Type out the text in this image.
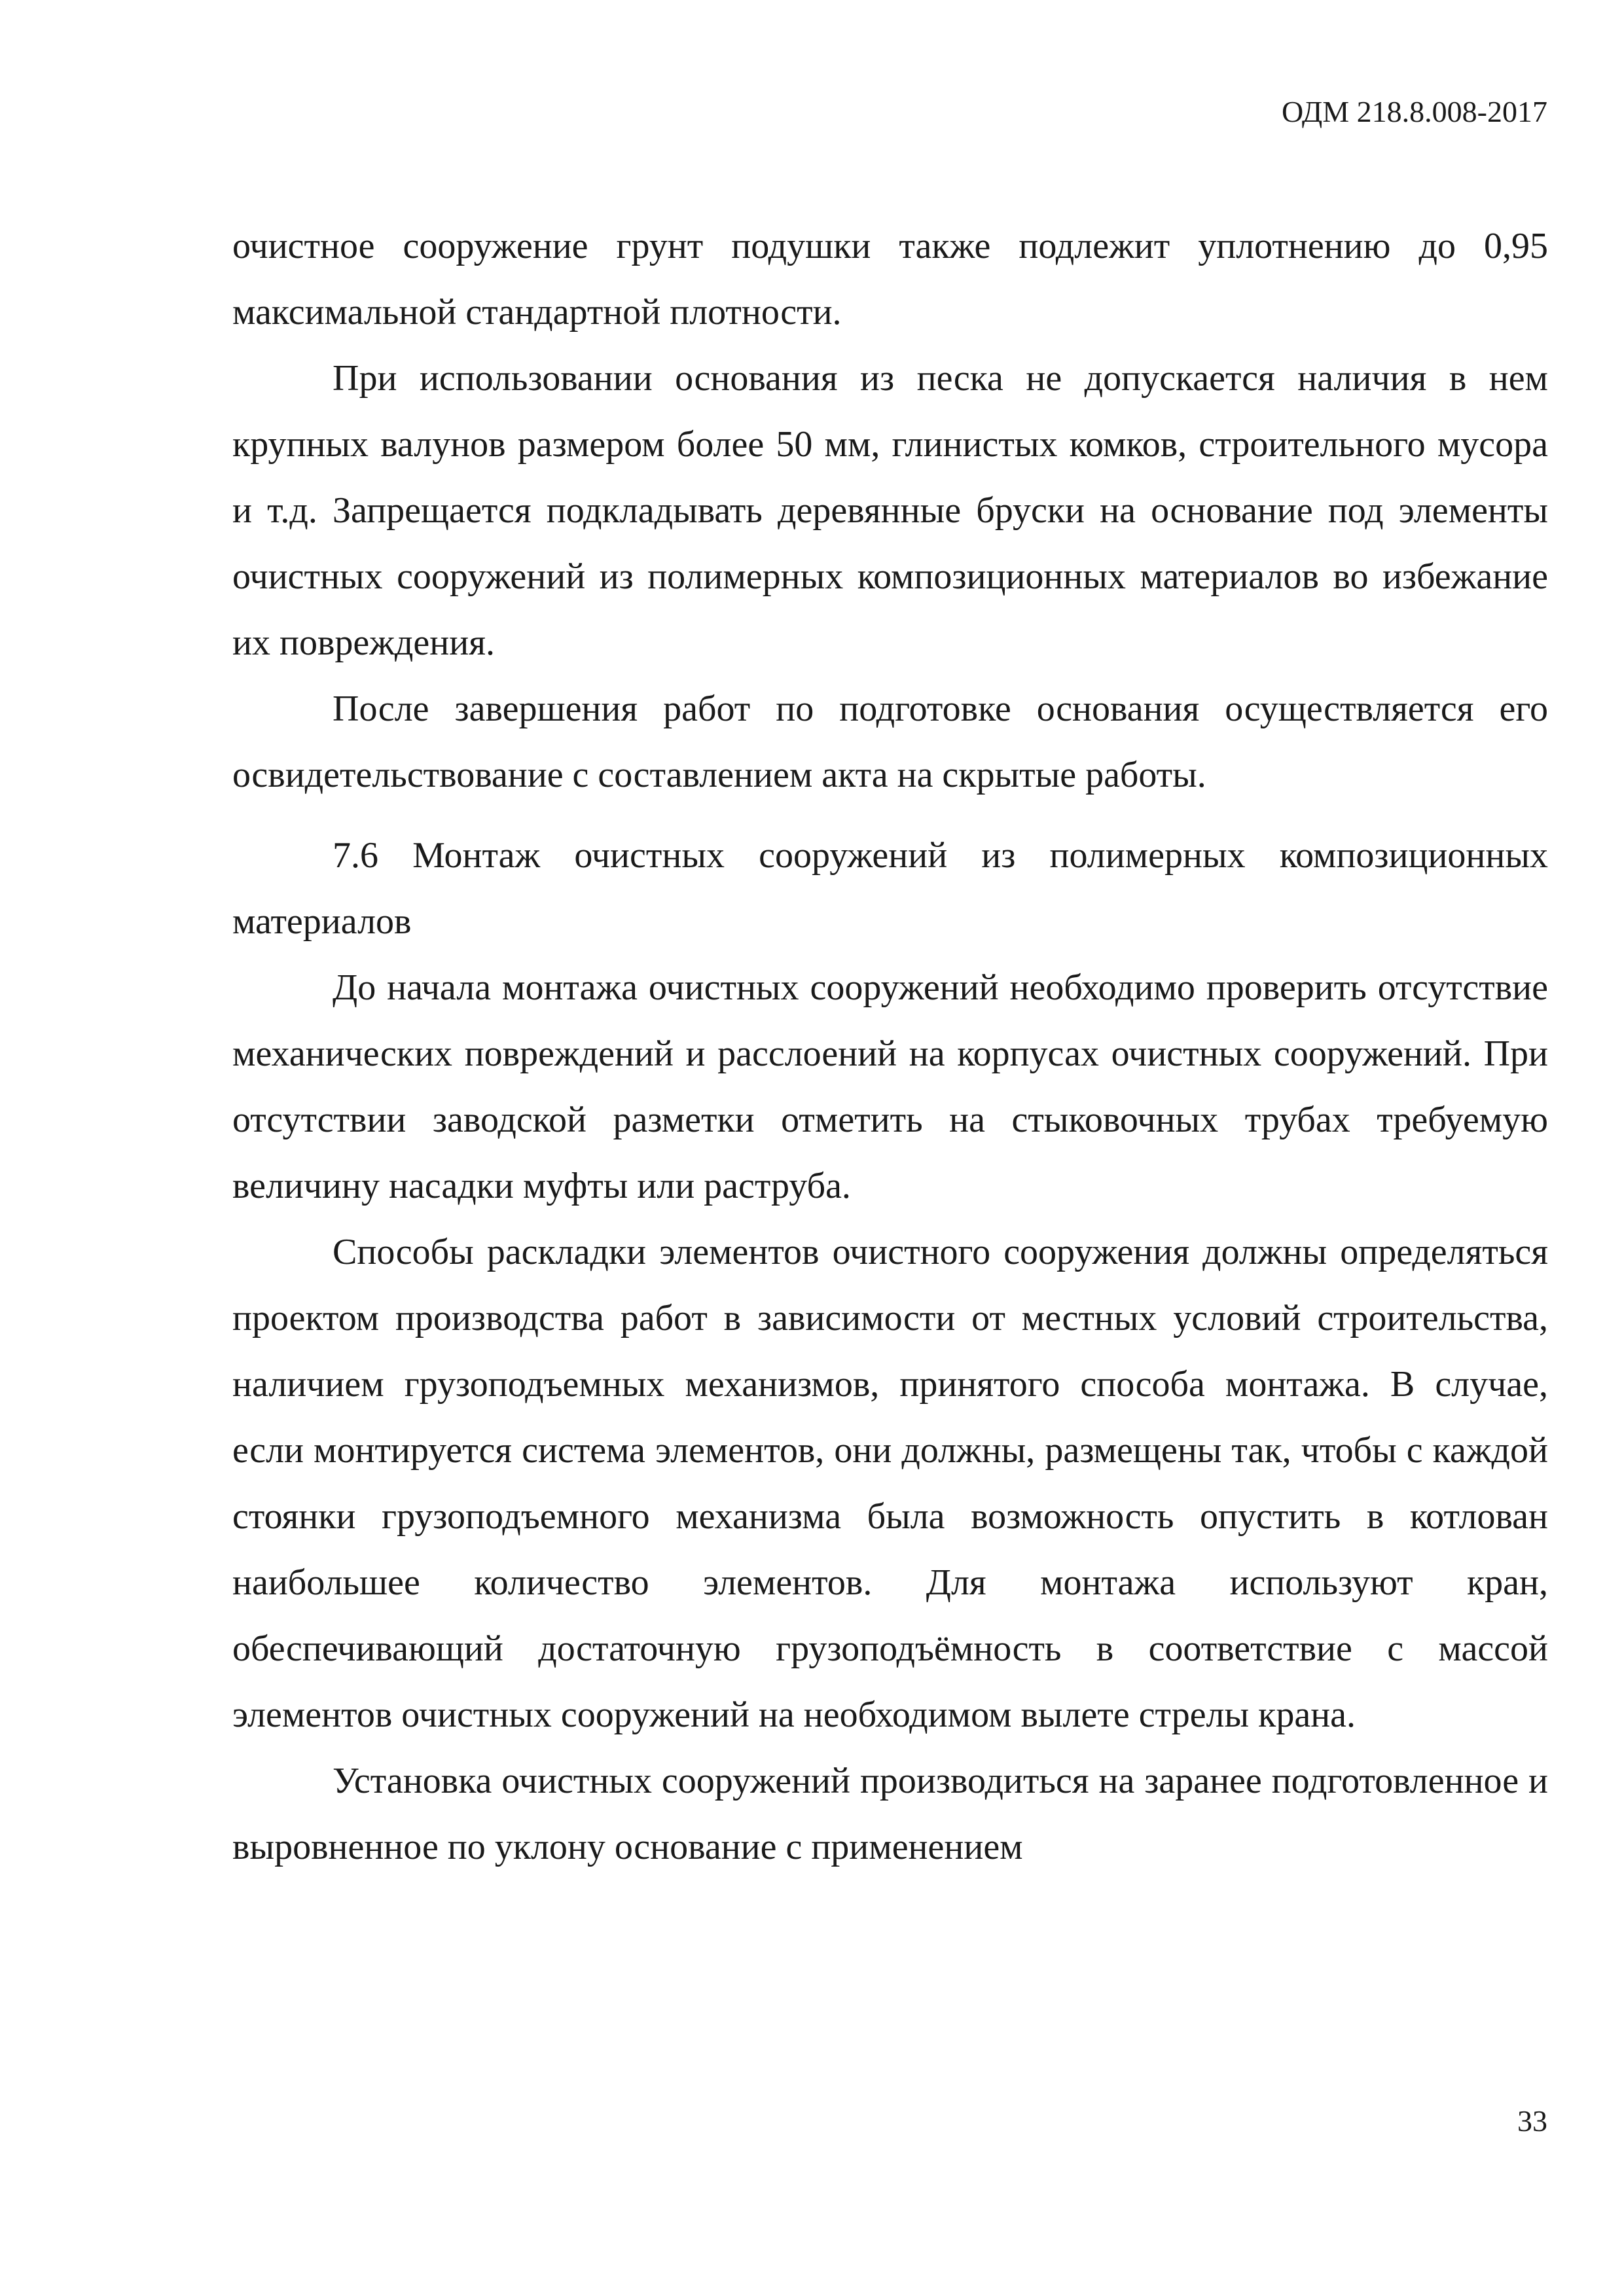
ОДМ 218.8.008-2017

очистное сооружение грунт подушки также подлежит уплотнению до 0,95 максимальной стандартной плотности.

При использовании основания из песка не допускается наличия в нем крупных валунов размером более 50 мм, глинистых комков, строительного мусора и т.д. Запрещается подкладывать деревянные бруски на основание под элементы очистных сооружений из полимерных композиционных материалов во избежание их повреждения.

После завершения работ по подготовке основания осуществляется его освидетельствование с составлением акта на скрытые работы.

7.6 Монтаж очистных сооружений из полимерных композиционных материалов

До начала монтажа очистных сооружений необходимо проверить отсутствие механических повреждений и расслоений на корпусах очистных сооружений. При отсутствии заводской разметки отметить на стыковочных трубах требуемую величину насадки муфты или раструба.

Способы раскладки элементов очистного сооружения должны определяться проектом производства работ в зависимости от местных условий строительства, наличием грузоподъемных механизмов, принятого способа монтажа. В случае, если монтируется система элементов, они должны, размещены так, чтобы с каждой стоянки грузоподъемного механизма была возможность опустить в котлован наибольшее количество элементов. Для монтажа используют кран, обеспечивающий достаточную грузоподъёмность в соответствие с массой элементов очистных сооружений на необходимом вылете стрелы крана.

Установка очистных сооружений производиться на заранее подготовленное и выровненное по уклону основание с применением

33
